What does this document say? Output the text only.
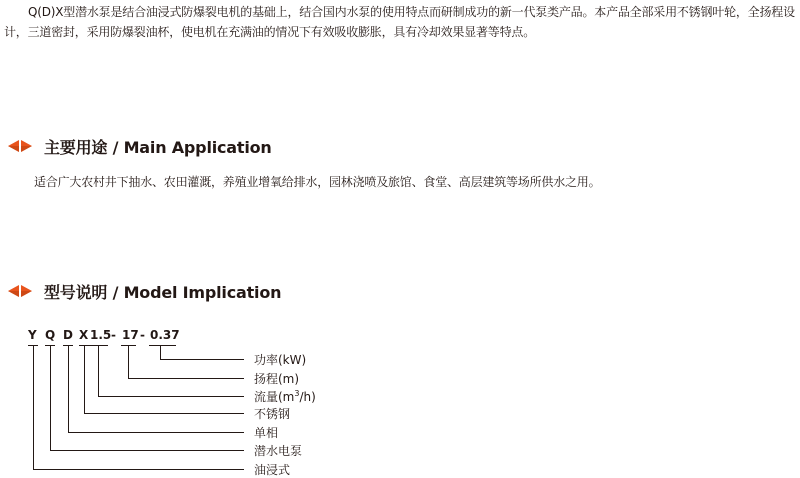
Q(D)X型潜水泵是结合油浸式防爆裂电机的基础上，结合国内水泵的使用特点而研制成功的新一代泵类产品。本产品全部采用不锈钢叶轮，全扬程设计，三道密封，采用防爆裂油杯，使电机在充满油的情况下有效吸收膨胀，具有冷却效果显著等特点。

主要用途 / Main Application

适合广大农村井下抽水、农田灌溉，养殖业增氧给排水，园林浇喷及旅馆、食堂、高层建筑等场所供水之用。

型号说明 / Model Implication
Y Q D X 1.5 - 17 - 0.37
功率(kW)
扬程(m)
流量$(m^3/h)$
不锈钢
单相
潜水电泵
油浸式
